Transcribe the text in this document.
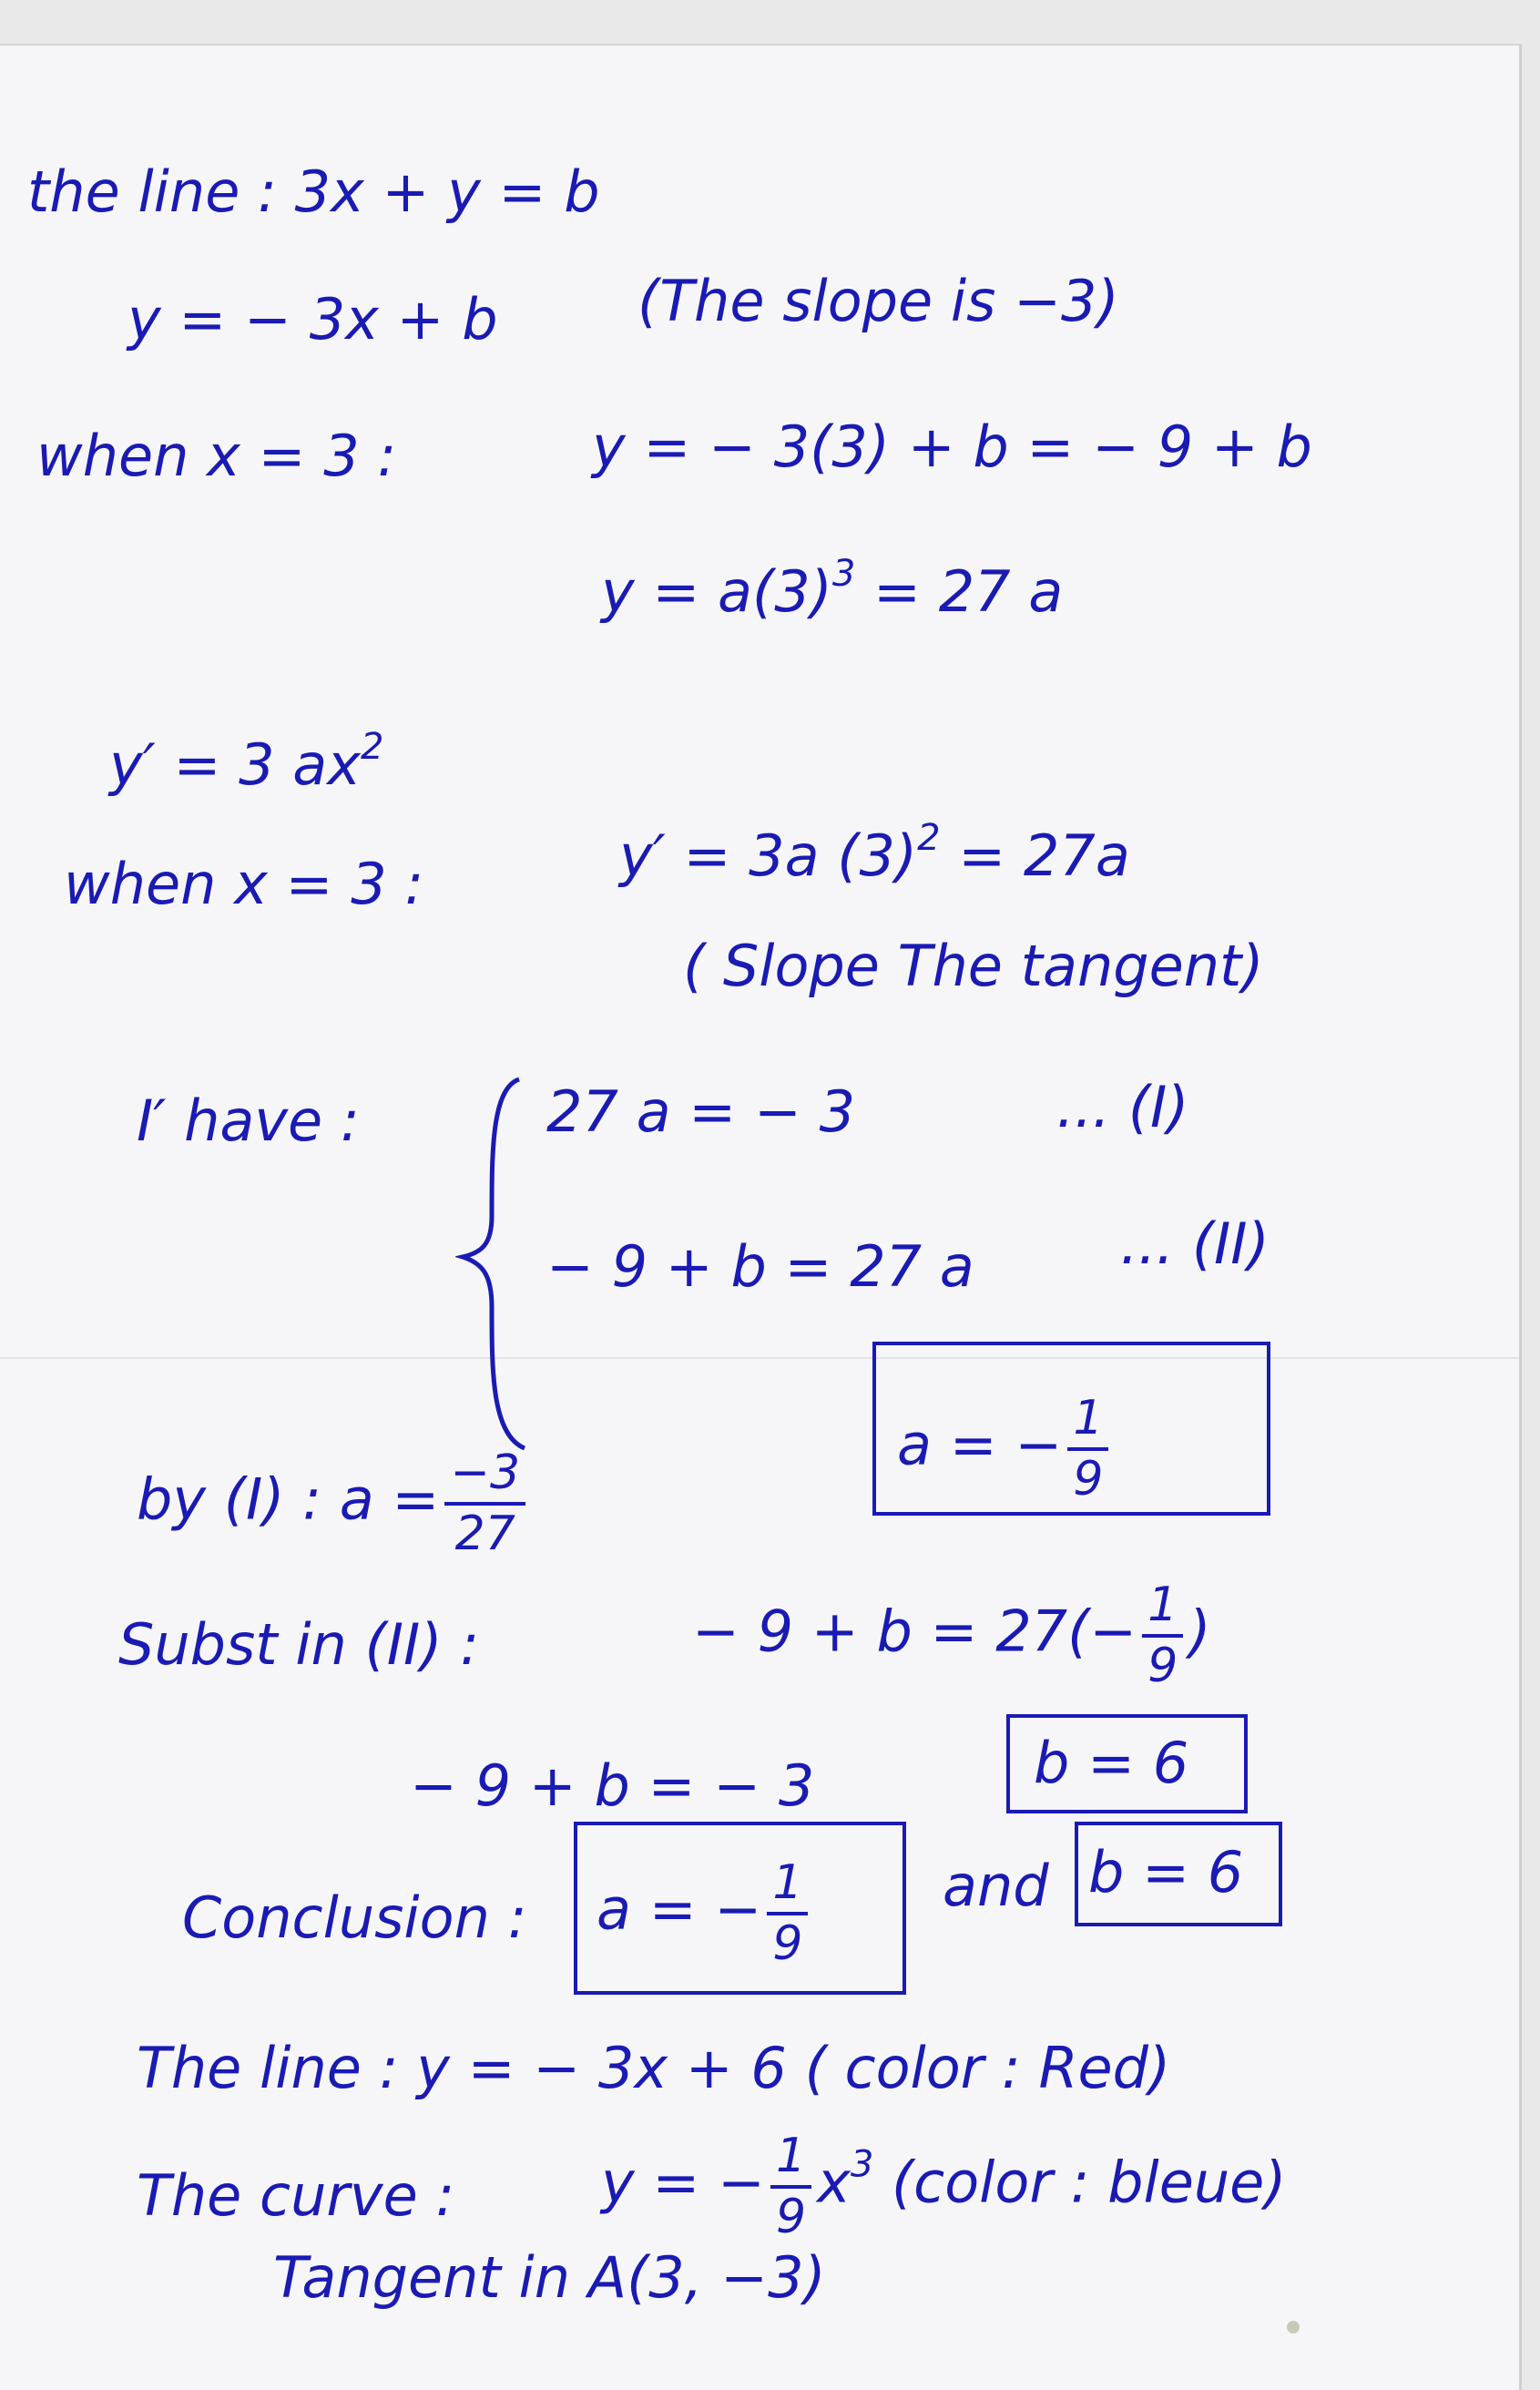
the line : 3x + y = b
y = − 3x + b (The slope is −3)
when x = 3 :	y = − 3(3) + b = − 9 + b
$y = a(3)^3 = 27$ a
y′ = 3 $ax^2$
when x = 3 :	y′ = 3a $(3)^2 = 27a$
( Slope The tangent)
I′ have :	27 a = − 3	... (I)
− 9 + b = 27 a	... (II)
by (I) : $a = \frac{-3}{27}$
a = − $\frac{1}{9}$
Subst in (II) :	− $9 + b = 27(- \frac{1}{9}$ )
− 9 + b = − 3	b = 6
Conclusion : a = − $\frac{1}{9}$ and b = 6
The line : y = − 3x + 6 ( color : Red)
The curve :	y = − $\frac{1}{9} x^3$ (color : bleue)
Tangent in A(3, −3)
